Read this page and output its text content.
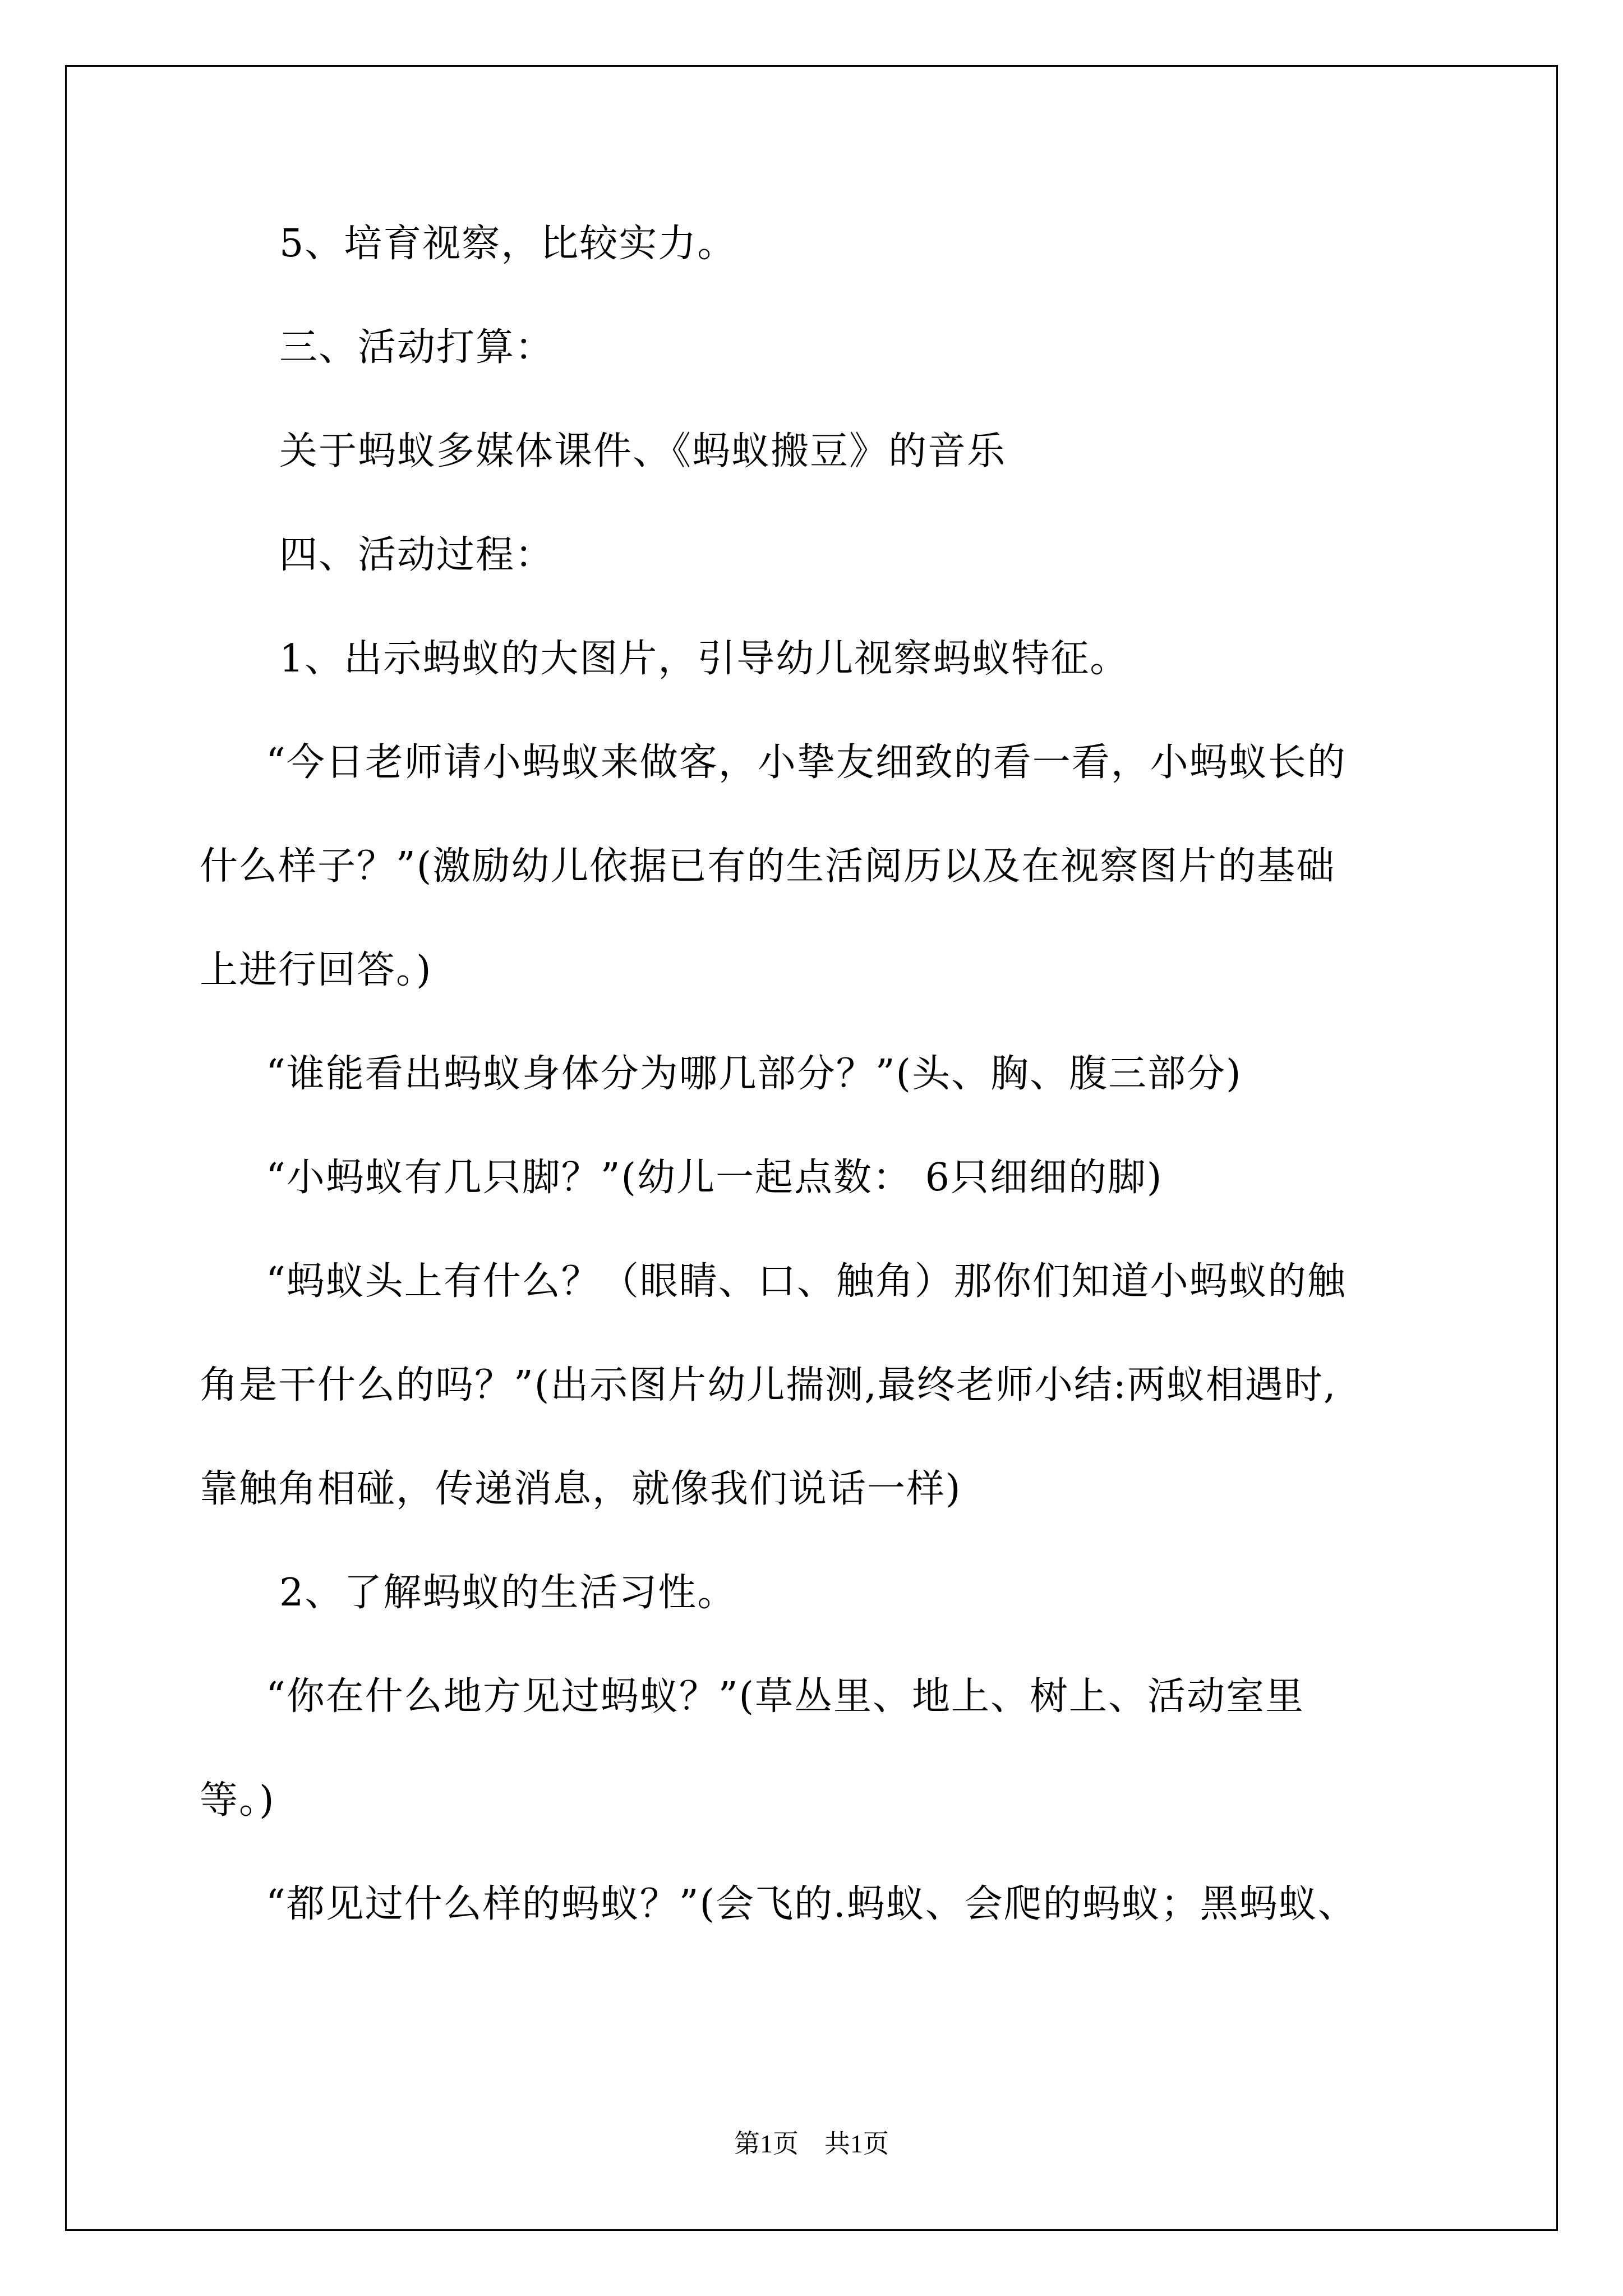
5、培育视察，比较实力。
三、活动打算：
关于蚂蚁多媒体课件、《蚂蚁搬豆》的音乐
四、活动过程：
1、出示蚂蚁的大图片，引导幼儿视察蚂蚁特征。
“今日老师请小蚂蚁来做客，小挚友细致的看一看，小蚂蚁长的
什么样子？”(激励幼儿依据已有的生活阅历以及在视察图片的基础
上进行回答。)
“谁能看出蚂蚁身体分为哪几部分？”(头、胸、腹三部分)
“小蚂蚁有几只脚？”(幼儿一起点数： 6只细细的脚)
“蚂蚁头上有什么？（眼睛、口、触角）那你们知道小蚂蚁的触
角是干什么的吗？”(出示图片幼儿揣测,最终老师小结:两蚁相遇时,
靠触角相碰，传递消息，就像我们说话一样)
2、了解蚂蚁的生活习性。
“你在什么地方见过蚂蚁？”(草丛里、地上、树上、活动室里
等。)
“都见过什么样的蚂蚁？”(会飞的.蚂蚁、会爬的蚂蚁；黑蚂蚁、
第1页　共1页
